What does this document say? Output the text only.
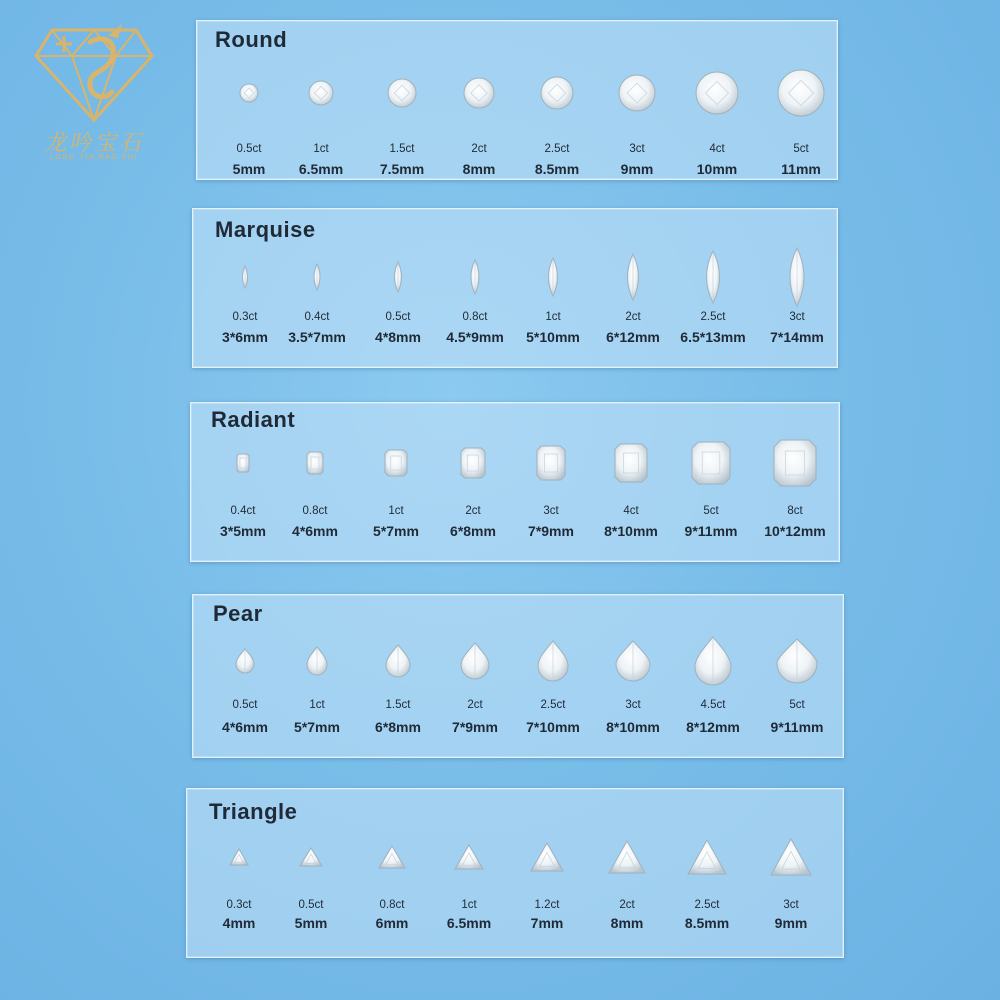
龙吟宝石
LONG YIN BAO SHI
Round
0.5ct
5mm
1ct
6.5mm
1.5ct
7.5mm
2ct
8mm
2.5ct
8.5mm
3ct
9mm
4ct
10mm
5ct
11mm
Marquise
0.3ct
3*6mm
0.4ct
3.5*7mm
0.5ct
4*8mm
0.8ct
4.5*9mm
1ct
5*10mm
2ct
6*12mm
2.5ct
6.5*13mm
3ct
7*14mm
Radiant
0.4ct
3*5mm
0.8ct
4*6mm
1ct
5*7mm
2ct
6*8mm
3ct
7*9mm
4ct
8*10mm
5ct
9*11mm
8ct
10*12mm
Pear
0.5ct
4*6mm
1ct
5*7mm
1.5ct
6*8mm
2ct
7*9mm
2.5ct
7*10mm
3ct
8*10mm
4.5ct
8*12mm
5ct
9*11mm
Triangle
0.3ct
4mm
0.5ct
5mm
0.8ct
6mm
1ct
6.5mm
1.2ct
7mm
2ct
8mm
2.5ct
8.5mm
3ct
9mm
